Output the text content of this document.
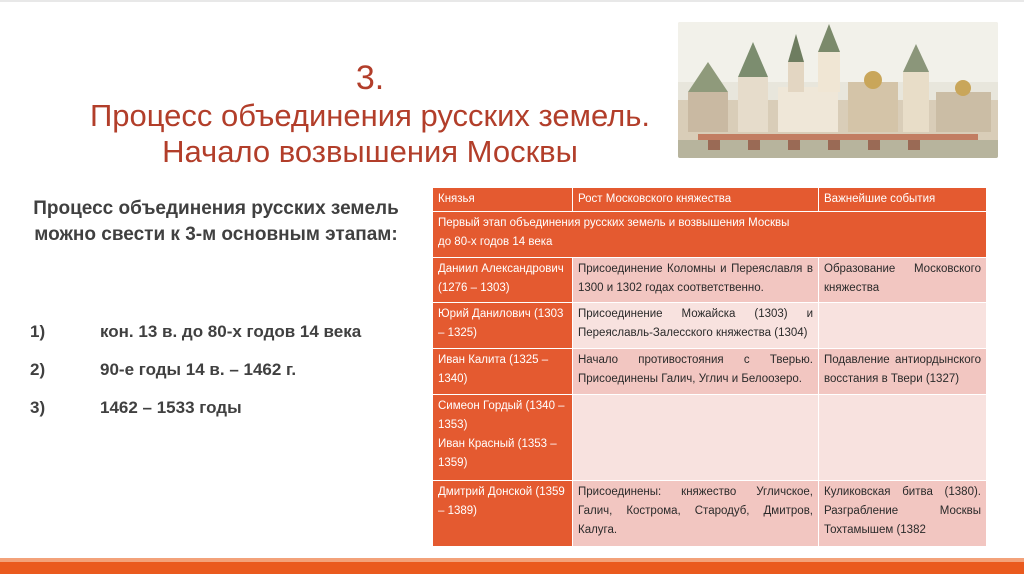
3.
Процесс объединения русских земель.
Начало возвышения Москвы
Процесс объединения русских земель можно свести к 3-м основным этапам:
1)	кон. 13 в. до 80-х годов 14 века
2)	90-е годы 14 в. – 1462 г.
3)	1462 – 1533 годы
Князья	Рост Московского княжества	Важнейшие события

Первый этап объединения русских земель и возвышения Москвы
до 80-х годов 14 века		

Даниил Александрович (1276 – 1303)	Присоединение Коломны и Переяславля в 1300 и 1302 годах соответственно.	Образование Московского княжества
Юрий Данилович (1303 – 1325)	Присоединение Можайска (1303) и Переяславль-Залесского княжества (1304)	
Иван Калита (1325 – 1340)	Начало противостояния с Тверью. Присоединены Галич, Углич и Белоозеро.	Подавление антиордынского восстания в Твери (1327)

Симеон Гордый (1340 – 1353)
Иван Красный (1353 – 1359)		

Дмитрий Донской (1359 – 1389)	Присоединены: княжество Угличское, Галич, Кострома, Стародуб, Дмитров, Калуга.	Куликовская битва (1380). Разграбление Москвы Тохтамышем (1382
